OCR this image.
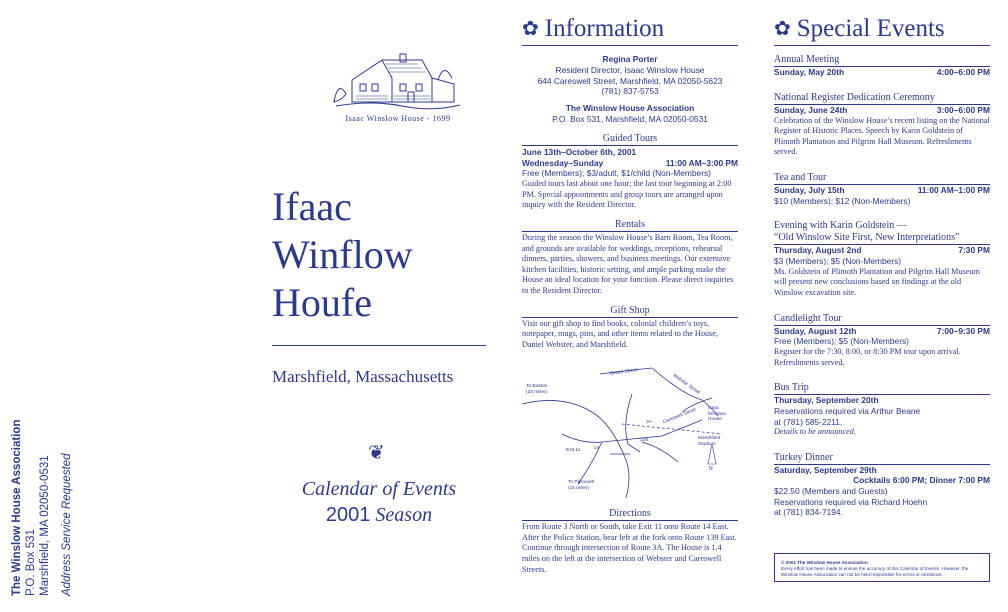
The Winslow House Association P.O. Box 531 Marshfield, MA 02050-0531 Address Service Requested
Isaac Winslow House - 1699
Ifaac
Winflow
Houfe
Marshfield, Massachusetts
❦
Calendar of Events
2001 Season
✿ Information
Regina Porter
Resident Director, Isaac Winslow House
644 Careswell Street, Marshfield, MA 02050-5623
(781) 837-5753
The Winslow House Association
P.O. Box 531, Marshfield, MA 02050-0531
Guided Tours
June 13th–October 6th, 2001
Wednesday–Sunday	11:00 AM–3:00 PM
Free (Members); $3/adult, $1/child (Non-Members)
Guided tours last about one hour; the last tour beginning at 2:00 PM. Special appointments and group tours are arranged upon inquiry with the Resident Director.
Rentals
During the season the Winslow House’s Barn Room, Tea Room, and grounds are available for weddings, receptions, rehearsal dinners, parties, showers, and business meetings. Our extensive kitchen facilities, historic setting, and ample parking make the House an ideal location for your function. Please direct inquiries to the Resident Director.
Gift Shop
Visit our gift shop to find books, colonial children’s toys, notepaper, mugs, pins, and other items related to the House, Daniel Webster, and Marshfield.
To Boston
(24 miles)
Green Street
Webster Street
Careswell Street Isaac Winslow
House
3A
139
14
Exit 11
Marshfield
Stadium
To Plymouth
(15 miles)
N
Directions
From Route 3 North or South, take Exit 11 onto Route 14 East. After the Police Station, bear left at the fork onto Route 139 East. Continue through intersection of Route 3A. The House is 1.4 miles on the left at the intersection of Webster and Careswell Streets.
✿ Special Events
Annual Meeting
Sunday, May 20th	4:00–6:00 PM
National Register Dedication Ceremony
Sunday, June 24th	3:00–6:00 PM
Celebration of the Winslow House’s recent listing on the National Register of Historic Places. Speech by Karin Goldstein of Plimoth Plantation and Pilgrim Hall Museum. Refreshments served.
Tea and Tour
Sunday, July 15th	11:00 AM–1:00 PM
$10 (Members); $12 (Non-Members)
Evening with Karin Goldstein —
“Old Winslow Site First, New Interpretations”
Thursday, August 2nd	7:30 PM
$3 (Members); $5 (Non-Members)
Ms. Goldstein of Plimoth Plantation and Pilgrim Hall Museum will present new conclusions based on findings at the old Winslow excavation site.
Candlelight Tour
Sunday, August 12th	7:00–9:30 PM
Free (Members); $5 (Non-Members)
Register for the 7:30, 8:00, or 8:30 PM tour upon arrival. Refreshments served.
Bus Trip
Thursday, September 20th
Reservations required via Arthur Beane
at (781) 585-2211.
Details to be announced.
Turkey Dinner
Saturday, September 29th
Cocktails 6:00 PM; Dinner 7:00 PM
$22.50 (Members and Guests)
Reservations required via Richard Hoehn
at (781) 834-7194.
© 2001 The Winslow House Association
Every effort has been made to ensure the accuracy of this Calendar of Events. However, the Winslow House Association can not be held responsible for errors or omissions.
